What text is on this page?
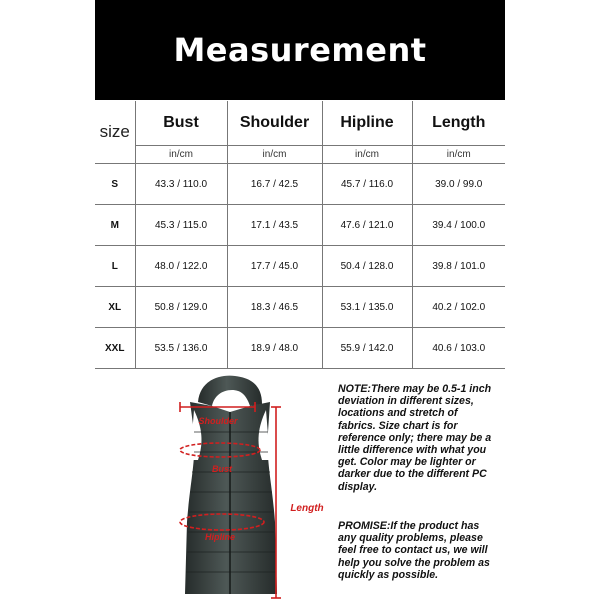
Measurement
size	Bust	Shoulder	Hipline	Length
	in/cm	in/cm	in/cm	in/cm
S	43.3 / 110.0	16.7 / 42.5	45.7 / 116.0	39.0 / 99.0
M	45.3 / 115.0	17.1 / 43.5	47.6 / 121.0	39.4 / 100.0
L	48.0 / 122.0	17.7 / 45.0	50.4 / 128.0	39.8 / 101.0
XL	50.8 / 129.0	18.3 / 46.5	53.1 / 135.0	40.2 / 102.0
XXL	53.5 / 136.0	18.9 / 48.0	55.9 / 142.0	40.6 / 103.0
Shoulder
Bust
Hipline
Length

NOTE:There may be 0.5-1 inch deviation in different sizes, locations and stretch of fabrics. Size chart is for reference only; there may be a little difference with what you get. Color may be lighter or darker due to the different PC display.

PROMISE:If the product has any quality problems, please feel free to contact us, we will help you solve the problem as quickly as possible.
